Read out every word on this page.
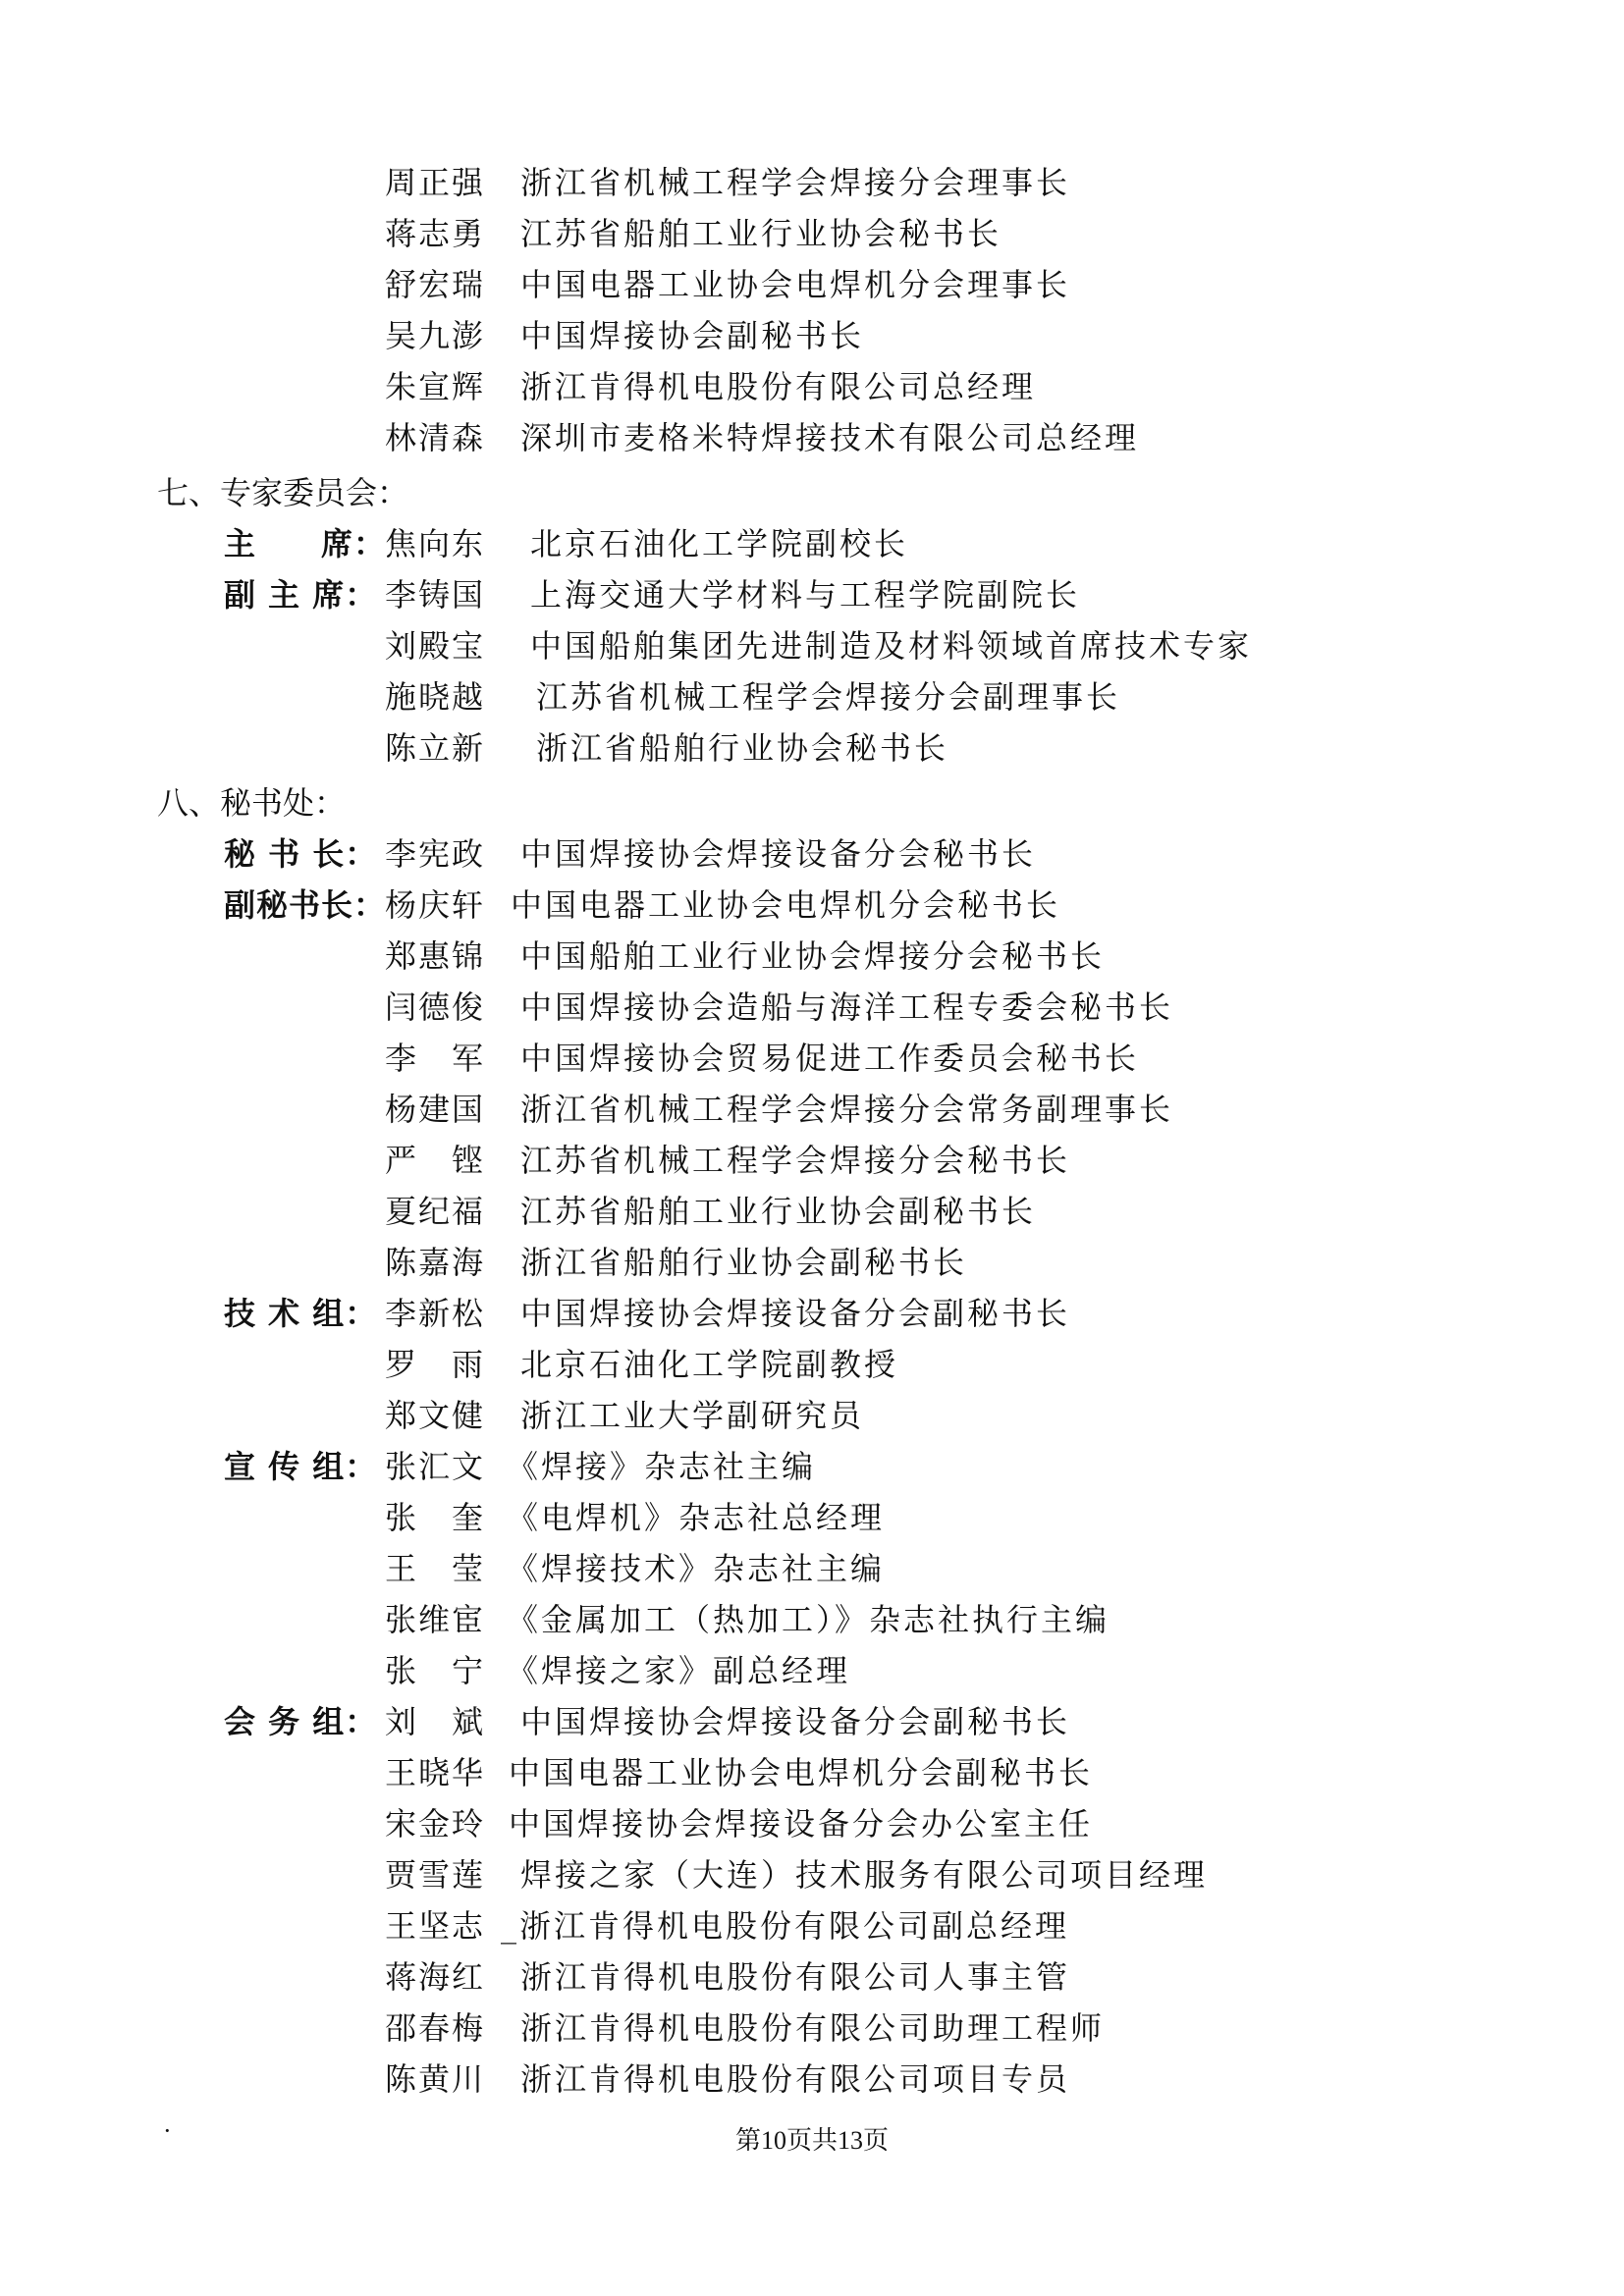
周正强 浙江省机械工程学会焊接分会理事长
蒋志勇 江苏省船舶工业行业协会秘书长
舒宏瑞 中国电器工业协会电焊机分会理事长
吴九澎 中国焊接协会副秘书长
朱宣辉 浙江肯得机电股份有限公司总经理
林清森 深圳市麦格米特焊接技术有限公司总经理
七、专家委员会：
主　　席：
焦向东 北京石油化工学院副校长
副 主 席： 李铸国 上海交通大学材料与工程学院副院长
刘殿宝 中国船舶集团先进制造及材料领域首席技术专家
施晓越 江苏省机械工程学会焊接分会副理事长
陈立新 浙江省船舶行业协会秘书长
八、秘书处：
秘 书 长： 李宪政 中国焊接协会焊接设备分会秘书长
副秘书长：
杨庆轩 中国电器工业协会电焊机分会秘书长
郑惠锦 中国船舶工业行业协会焊接分会秘书长
闫德俊 中国焊接协会造船与海洋工程专委会秘书长
李　军 中国焊接协会贸易促进工作委员会秘书长
杨建国 浙江省机械工程学会焊接分会常务副理事长
严　铿 江苏省机械工程学会焊接分会秘书长
夏纪福 江苏省船舶工业行业协会副秘书长
陈嘉海 浙江省船舶行业协会副秘书长
技 术 组： 李新松 中国焊接协会焊接设备分会副秘书长
罗　雨 北京石油化工学院副教授
郑文健 浙江工业大学副研究员
宣 传 组： 张汇文 《焊接》杂志社主编
张　奎 《电焊机》杂志社总经理
王　莹 《焊接技术》杂志社主编
张维宦 《金属加工（热加工）》杂志社执行主编
张　宁 《焊接之家》副总经理
会 务 组： 刘　斌 中国焊接协会焊接设备分会副秘书长
王晓华 中国电器工业协会电焊机分会副秘书长
宋金玲 中国焊接协会焊接设备分会办公室主任
贾雪莲 焊接之家（大连）技术服务有限公司项目经理
王坚志 _浙江肯得机电股份有限公司副总经理
蒋海红 浙江肯得机电股份有限公司人事主管
邵春梅 浙江肯得机电股份有限公司助理工程师
陈黄川 浙江肯得机电股份有限公司项目专员
·	第10页共13页
